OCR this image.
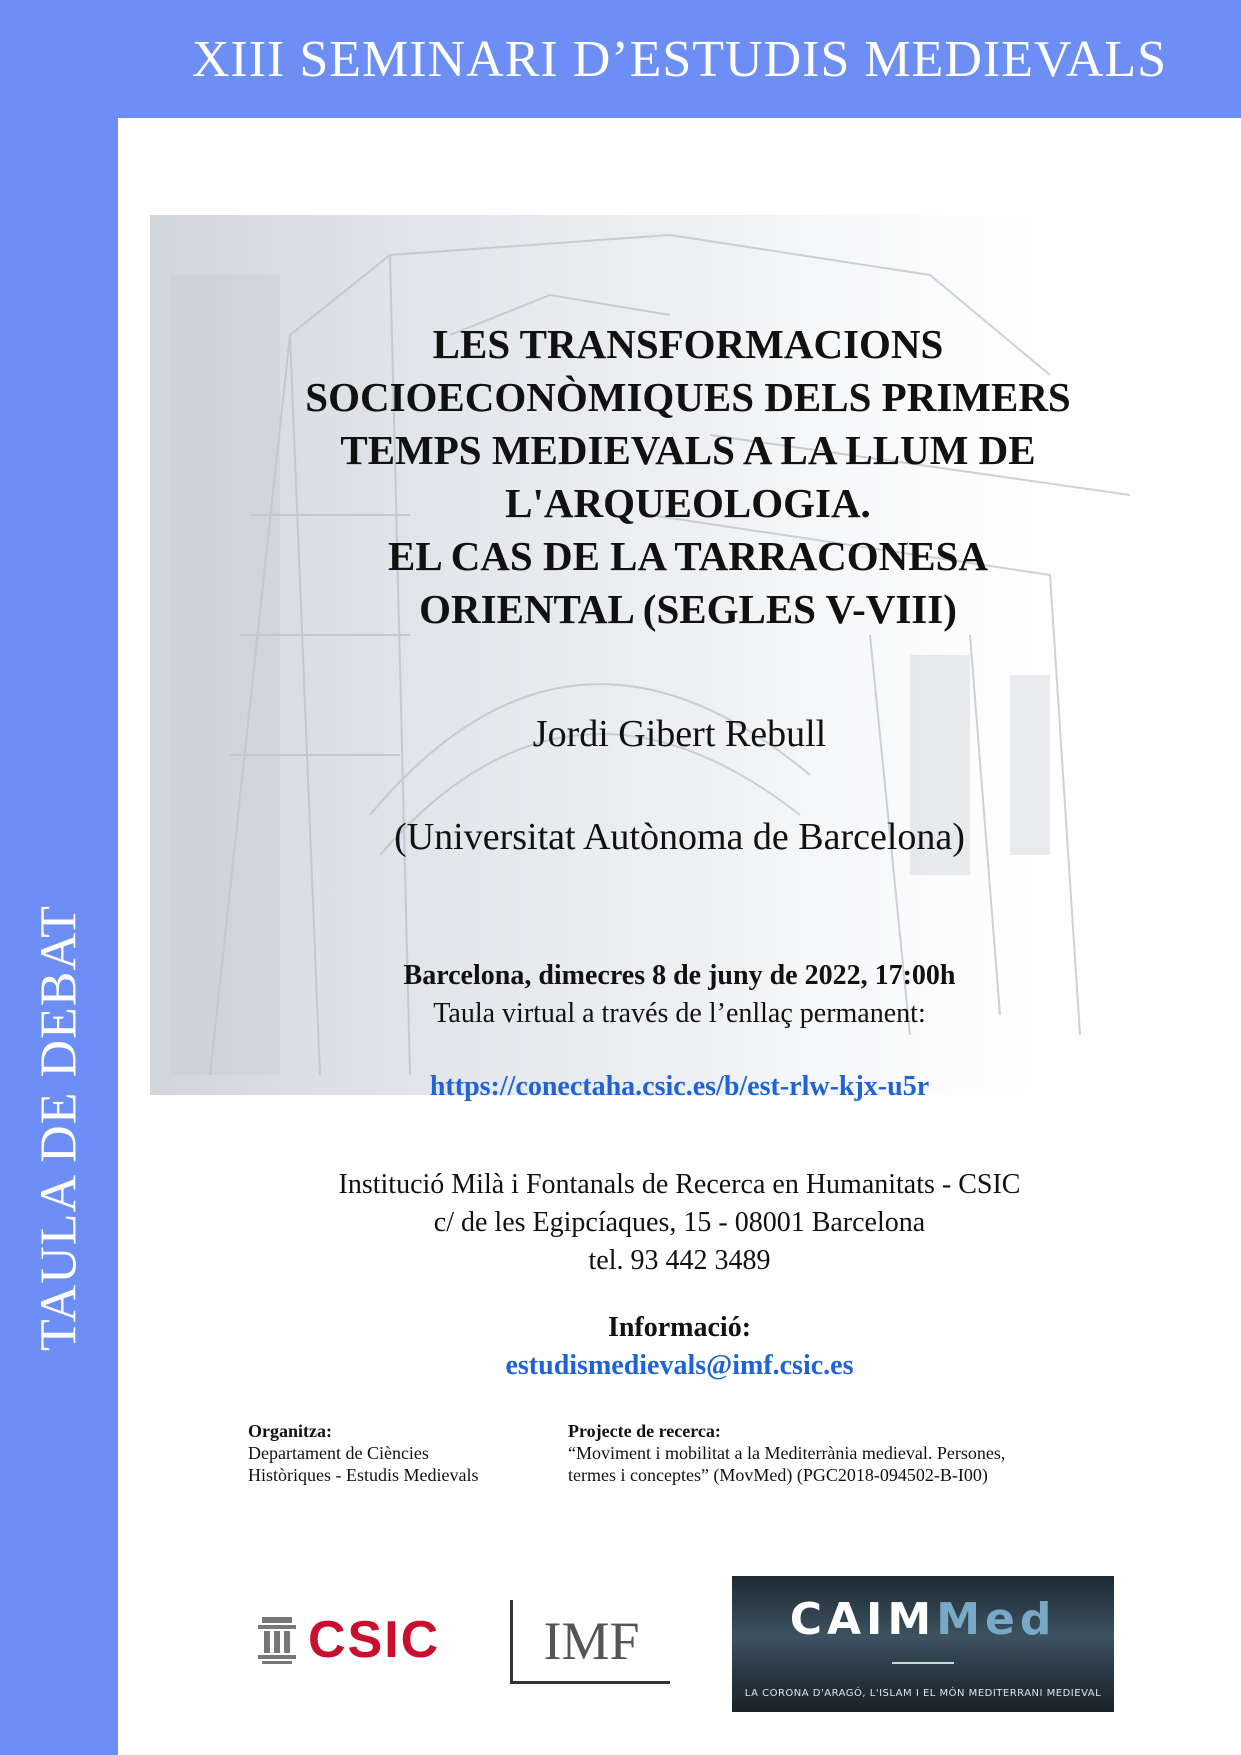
XIII SEMINARI D’ESTUDIS MEDIEVALS
TAULA DE DEBAT
LES TRANSFORMACIONS
SOCIOECONÒMIQUES DELS PRIMERS
TEMPS MEDIEVALS A LA LLUM DE
L'ARQUEOLOGIA.
EL CAS DE LA TARRACONESA
ORIENTAL (SEGLES V-VIII)
Jordi Gibert Rebull
(Universitat Autònoma de Barcelona)
Barcelona, dimecres 8 de juny de 2022, 17:00h
Taula virtual a través de l’enllaç permanent:
https://conectaha.csic.es/b/est-rlw-kjx-u5r
Institució Milà i Fontanals de Recerca en Humanitats - CSIC
c/ de les Egipcíaques, 15 - 08001 Barcelona
tel. 93 442 3489
Informació:
estudismedievals@imf.csic.es
Organitza:
Departament de Ciències
Històriques - Estudis Medievals
Projecte de recerca:
“Moviment i mobilitat a la Mediterrània medieval. Persones,
termes i conceptes” (MovMed) (PGC2018-094502-B-I00)
CSIC	IMF	CAIMMed
LA CORONA D'ARAGÓ, L'ISLAM I EL MÓN MEDITERRANI MEDIEVAL
